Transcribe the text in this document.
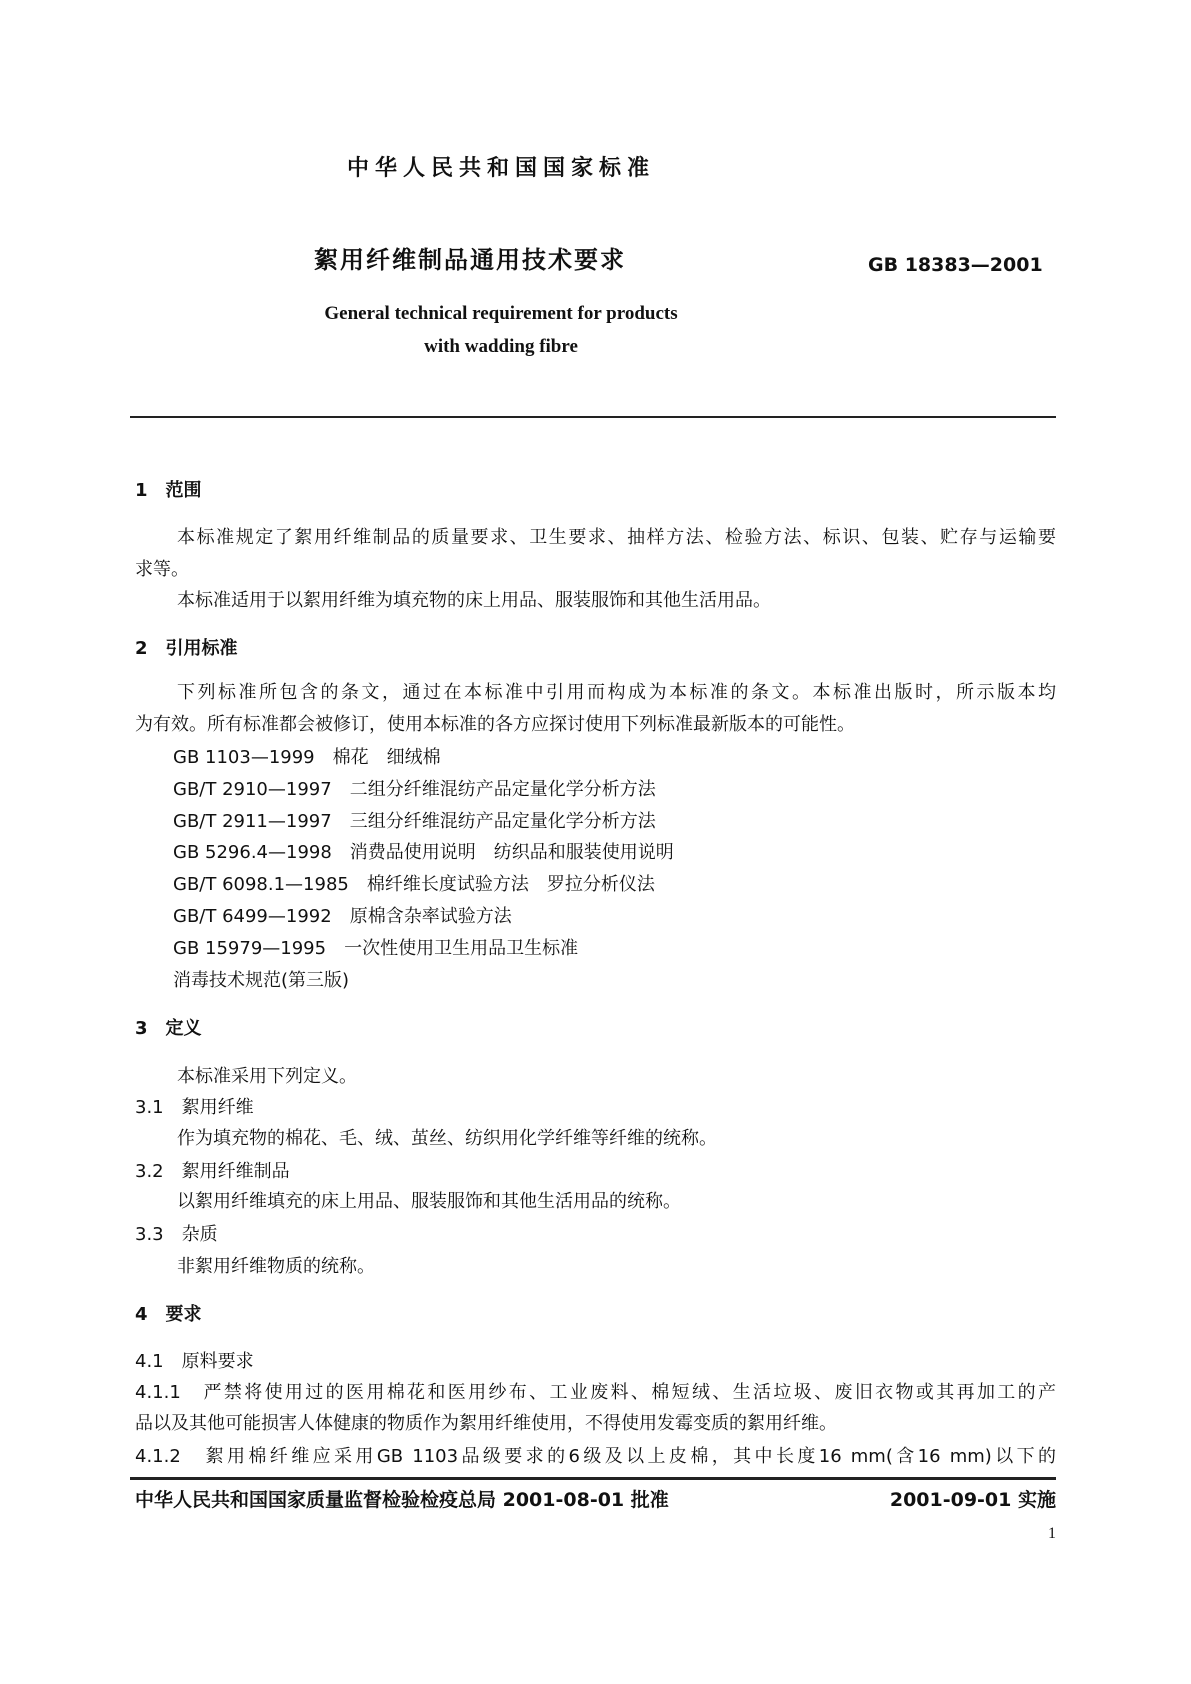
中华人民共和国国家标准
絮用纤维制品通用技术要求	GB 18383—2001
General technical requirement for products
with wadding fibre
1　范围
本标准规定了絮用纤维制品的质量要求、卫生要求、抽样方法、检验方法、标识、包装、贮存与运输要
求等。
本标准适用于以絮用纤维为填充物的床上用品、服装服饰和其他生活用品。
2　引用标准
下列标准所包含的条文，通过在本标准中引用而构成为本标准的条文。本标准出版时，所示版本均
为有效。所有标准都会被修订，使用本标准的各方应探讨使用下列标准最新版本的可能性。
GB 1103—1999　棉花　细绒棉
GB/T 2910—1997　二组分纤维混纺产品定量化学分析方法
GB/T 2911—1997　三组分纤维混纺产品定量化学分析方法
GB 5296.4—1998　消费品使用说明　纺织品和服装使用说明
GB/T 6098.1—1985　棉纤维长度试验方法　罗拉分析仪法
GB/T 6499—1992　原棉含杂率试验方法
GB 15979—1995　一次性使用卫生用品卫生标准
消毒技术规范(第三版)
3　定义
本标准采用下列定义。
3.1　絮用纤维
作为填充物的棉花、毛、绒、茧丝、纺织用化学纤维等纤维的统称。
3.2　絮用纤维制品
以絮用纤维填充的床上用品、服装服饰和其他生活用品的统称。
3.3　杂质
非絮用纤维物质的统称。
4　要求
4.1　原料要求
4.1.1　严禁将使用过的医用棉花和医用纱布、工业废料、棉短绒、生活垃圾、废旧衣物或其再加工的产
品以及其他可能损害人体健康的物质作为絮用纤维使用，不得使用发霉变质的絮用纤维。
4.1.2　絮用棉纤维应采用GB 1103品级要求的6级及以上皮棉，其中长度16 mm(含16 mm)以下的
中华人民共和国国家质量监督检验检疫总局 2001-08-01 批准	2001-09-01 实施
1
